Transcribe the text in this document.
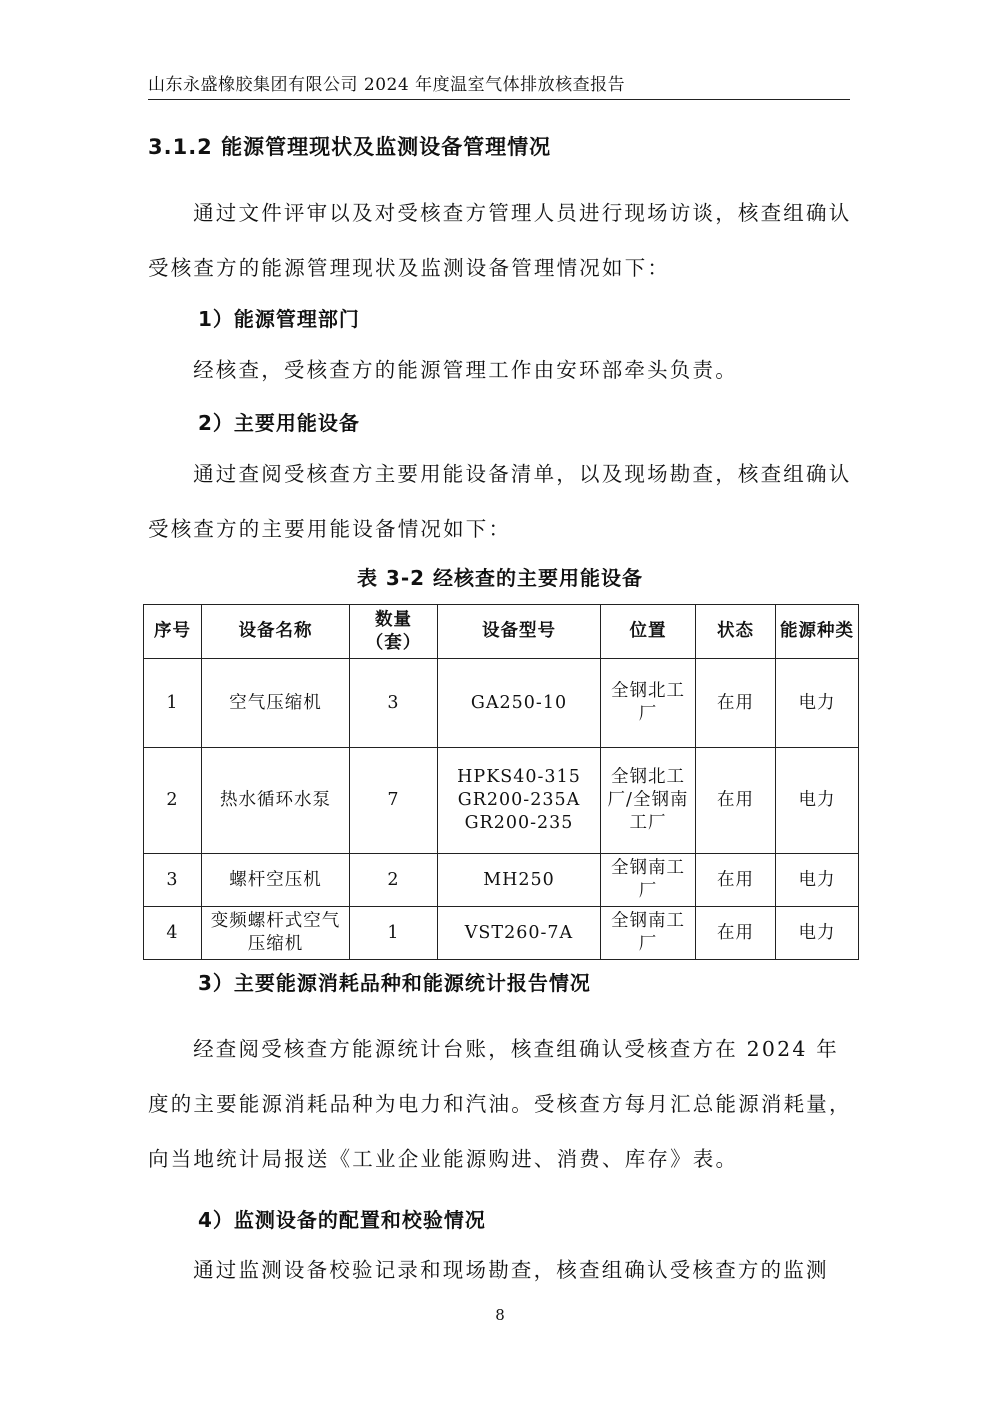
山东永盛橡胶集团有限公司 2024 年度温室气体排放核查报告
3.1.2 能源管理现状及监测设备管理情况

通过文件评审以及对受核查方管理人员进行现场访谈，核查组确认受核查方的能源管理现状及监测设备管理情况如下：

1）能源管理部门

经核查，受核查方的能源管理工作由安环部牵头负责。

2）主要用能设备

通过查阅受核查方主要用能设备清单，以及现场勘查，核查组确认受核查方的主要用能设备情况如下：

表 3-2 经核查的主要用能设备
序号	设备名称	数量（套）	设备型号	位置	状态	能源种类
1	空气压缩机	3	GA250-10	全钢北工厂	在用	电力
2	热水循环水泵	7	HPKS40-315
GR200-235A
GR200-235	全钢北工厂/全钢南工厂	在用	电力
3	螺杆空压机	2	MH250	全钢南工厂	在用	电力
4	变频螺杆式空气压缩机	1	VST260-7A	全钢南工厂	在用	电力
3）主要能源消耗品种和能源统计报告情况

经查阅受核查方能源统计台账，核查组确认受核查方在 2024 年度的主要能源消耗品种为电力和汽油。受核查方每月汇总能源消耗量，向当地统计局报送《工业企业能源购进、消费、库存》表。

4）监测设备的配置和校验情况

通过监测设备校验记录和现场勘查，核查组确认受核查方的监测

8
